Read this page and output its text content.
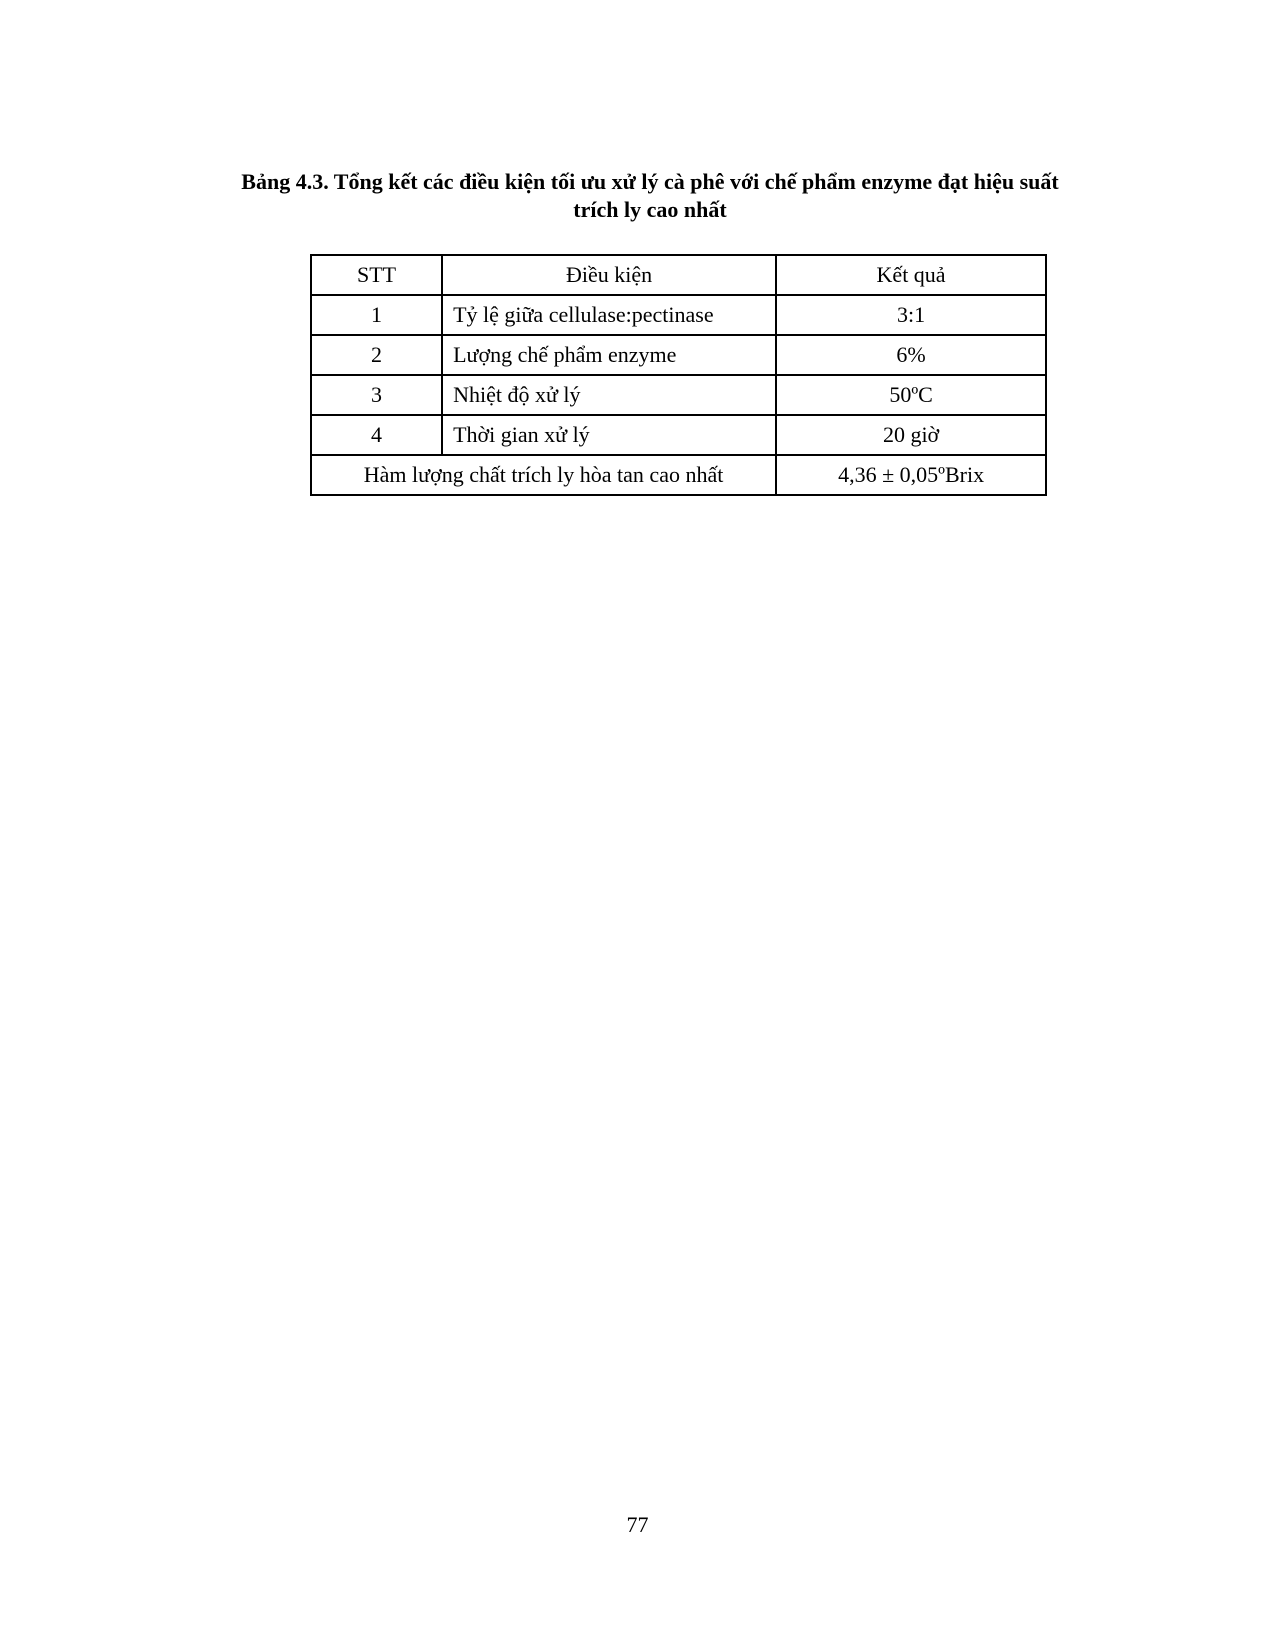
Bảng 4.3. Tổng kết các điều kiện tối ưu xử lý cà phê với chế phẩm enzyme đạt hiệu suất
trích ly cao nhất
STT	Điều kiện	Kết quả
1	Tỷ lệ giữa cellulase:pectinase	3:1
2	Lượng chế phẩm enzyme	6%
3	Nhiệt độ xử lý	50ºC
4	Thời gian xử lý	20 giờ
Hàm lượng chất trích ly hòa tan cao nhất		4,36 ± 0,05ºBrix
77
